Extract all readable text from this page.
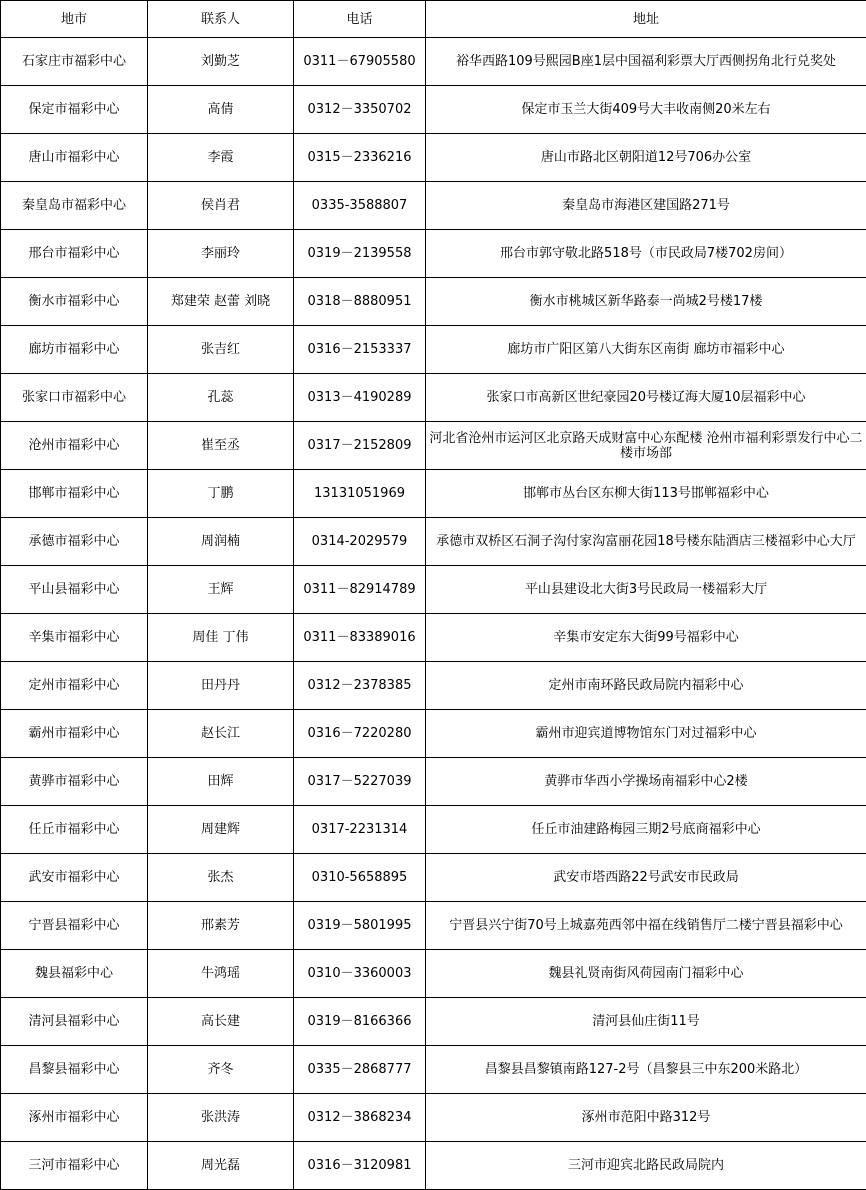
地市	联系人	电话	地址
石家庄市福彩中心	刘勤芝	0311－67905580	裕华西路109号熙园B座1层中国福利彩票大厅西侧拐角北行兑奖处
保定市福彩中心	高倩	0312－3350702	保定市玉兰大街409号大丰收南侧20米左右
唐山市福彩中心	李霞	0315－2336216	唐山市路北区朝阳道12号706办公室
秦皇岛市福彩中心	侯肖君	0335-3588807	秦皇岛市海港区建国路271号
邢台市福彩中心	李丽玲	0319－2139558	邢台市郭守敬北路518号（市民政局7楼702房间）
衡水市福彩中心	郑建荣 赵蕾 刘晓	0318－8880951	衡水市桃城区新华路泰一尚城2号楼17楼
廊坊市福彩中心	张吉红	0316－2153337	廊坊市广阳区第八大街东区南街 廊坊市福彩中心
张家口市福彩中心	孔蕊	0313－4190289	张家口市高新区世纪豪园20号楼辽海大厦10层福彩中心
沧州市福彩中心	崔至丞	0317－2152809	河北省沧州市运河区北京路天成财富中心东配楼 沧州市福利彩票发行中心二楼市场部
邯郸市福彩中心	丁鹏	13131051969	邯郸市丛台区东柳大街113号邯郸福彩中心
承德市福彩中心	周润楠	0314-2029579	承德市双桥区石洞子沟付家沟富丽花园18号楼东陆酒店三楼福彩中心大厅
平山县福彩中心	王辉	0311－82914789	平山县建设北大街3号民政局一楼福彩大厅
辛集市福彩中心	周佳 丁伟	0311－83389016	辛集市安定东大街99号福彩中心
定州市福彩中心	田丹丹	0312－2378385	定州市南环路民政局院内福彩中心
霸州市福彩中心	赵长江	0316－7220280	霸州市迎宾道博物馆东门对过福彩中心
黄骅市福彩中心	田辉	0317－5227039	黄骅市华西小学操场南福彩中心2楼
任丘市福彩中心	周建辉	0317-2231314	任丘市油建路梅园三期2号底商福彩中心
武安市福彩中心	张杰	0310-5658895	武安市塔西路22号武安市民政局
宁晋县福彩中心	邢素芳	0319－5801995	宁晋县兴宁街70号上城嘉苑西邻中福在线销售厅二楼宁晋县福彩中心
魏县福彩中心	牛鸿瑶	0310－3360003	魏县礼贤南街风荷园南门福彩中心
清河县福彩中心	高长建	0319－8166366	清河县仙庄街11号
昌黎县福彩中心	齐冬	0335－2868777	昌黎县昌黎镇南路127-2号（昌黎县三中东200米路北）
涿州市福彩中心	张洪涛	0312－3868234	涿州市范阳中路312号
三河市福彩中心	周光磊	0316－3120981	三河市迎宾北路民政局院内
